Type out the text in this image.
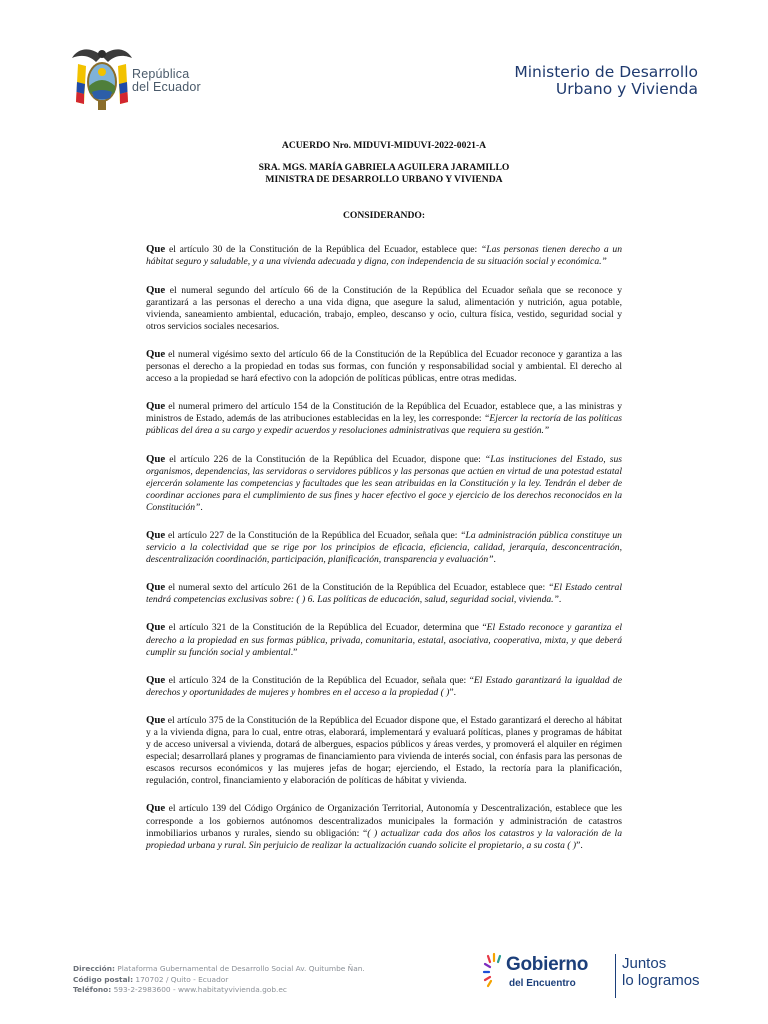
República
del Ecuador
Ministerio de Desarrollo
Urbano y Vivienda
ACUERDO Nro. MIDUVI-MIDUVI-2022-0021-A
SRA. MGS. MARÍA GABRIELA AGUILERA JARAMILLO
MINISTRA DE DESARROLLO URBANO Y VIVIENDA
CONSIDERANDO:
Que el artículo 30 de la Constitución de la República del Ecuador, establece que: “Las personas tienen derecho a un hábitat seguro y saludable, y a una vivienda adecuada y digna, con independencia de su situación social y económica.”
Que el numeral segundo del artículo 66 de la Constitución de la República del Ecuador señala que se reconoce y garantizará a las personas el derecho a una vida digna, que asegure la salud, alimentación y nutrición, agua potable, vivienda, saneamiento ambiental, educación, trabajo, empleo, descanso y ocio, cultura física, vestido, seguridad social y otros servicios sociales necesarios.
Que el numeral vigésimo sexto del artículo 66 de la Constitución de la República del Ecuador reconoce y garantiza a las personas el derecho a la propiedad en todas sus formas, con función y responsabilidad social y ambiental. El derecho al acceso a la propiedad se hará efectivo con la adopción de políticas públicas, entre otras medidas.
Que el numeral primero del artículo 154 de la Constitución de la República del Ecuador, establece que, a las ministras y ministros de Estado, además de las atribuciones establecidas en la ley, les corresponde: “Ejercer la rectoría de las políticas públicas del área a su cargo y expedir acuerdos y resoluciones administrativas que requiera su gestión.”
Que el artículo 226 de la Constitución de la República del Ecuador, dispone que: “Las instituciones del Estado, sus organismos, dependencias, las servidoras o servidores públicos y las personas que actúen en virtud de una potestad estatal ejercerán solamente las competencias y facultades que les sean atribuidas en la Constitución y la ley. Tendrán el deber de coordinar acciones para el cumplimiento de sus fines y hacer efectivo el goce y ejercicio de los derechos reconocidos en la Constitución”.
Que el artículo 227 de la Constitución de la República del Ecuador, señala que: “La administración pública constituye un servicio a la colectividad que se rige por los principios de eficacia, eficiencia, calidad, jerarquía, desconcentración, descentralización coordinación, participación, planificación, transparencia y evaluación”.
Que el numeral sexto del artículo 261 de la Constitución de la República del Ecuador, establece que: “El Estado central tendrá competencias exclusivas sobre: ( ) 6. Las políticas de educación, salud, seguridad social, vivienda.”.
Que el artículo 321 de la Constitución de la República del Ecuador, determina que “El Estado reconoce y garantiza el derecho a la propiedad en sus formas pública, privada, comunitaria, estatal, asociativa, cooperativa, mixta, y que deberá cumplir su función social y ambiental.”
Que el artículo 324 de la Constitución de la República del Ecuador, señala que: “El Estado garantizará la igualdad de derechos y oportunidades de mujeres y hombres en el acceso a la propiedad ( )”.
Que el artículo 375 de la Constitución de la República del Ecuador dispone que, el Estado garantizará el derecho al hábitat y a la vivienda digna, para lo cual, entre otras, elaborará, implementará y evaluará políticas, planes y programas de hábitat y de acceso universal a vivienda, dotará de albergues, espacios públicos y áreas verdes, y promoverá el alquiler en régimen especial; desarrollará planes y programas de financiamiento para vivienda de interés social, con énfasis para las personas de escasos recursos económicos y las mujeres jefas de hogar; ejerciendo, el Estado, la rectoría para la planificación, regulación, control, financiamiento y elaboración de políticas de hábitat y vivienda.
Que el artículo 139 del Código Orgánico de Organización Territorial, Autonomía y Descentralización, establece que les corresponde a los gobiernos autónomos descentralizados municipales la formación y administración de catastros inmobiliarios urbanos y rurales, siendo su obligación: “( ) actualizar cada dos años los catastros y la valoración de la propiedad urbana y rural. Sin perjuicio de realizar la actualización cuando solicite el propietario, a su costa ( )”.
Dirección: Plataforma Gubernamental de Desarrollo Social Av. Quitumbe Ñan.
Código postal: 170702 / Quito - Ecuador
Teléfono: 593-2-2983600 - www.habitatyvivienda.gob.ec
Gobierno
del Encuentro
Juntos
lo logramos
